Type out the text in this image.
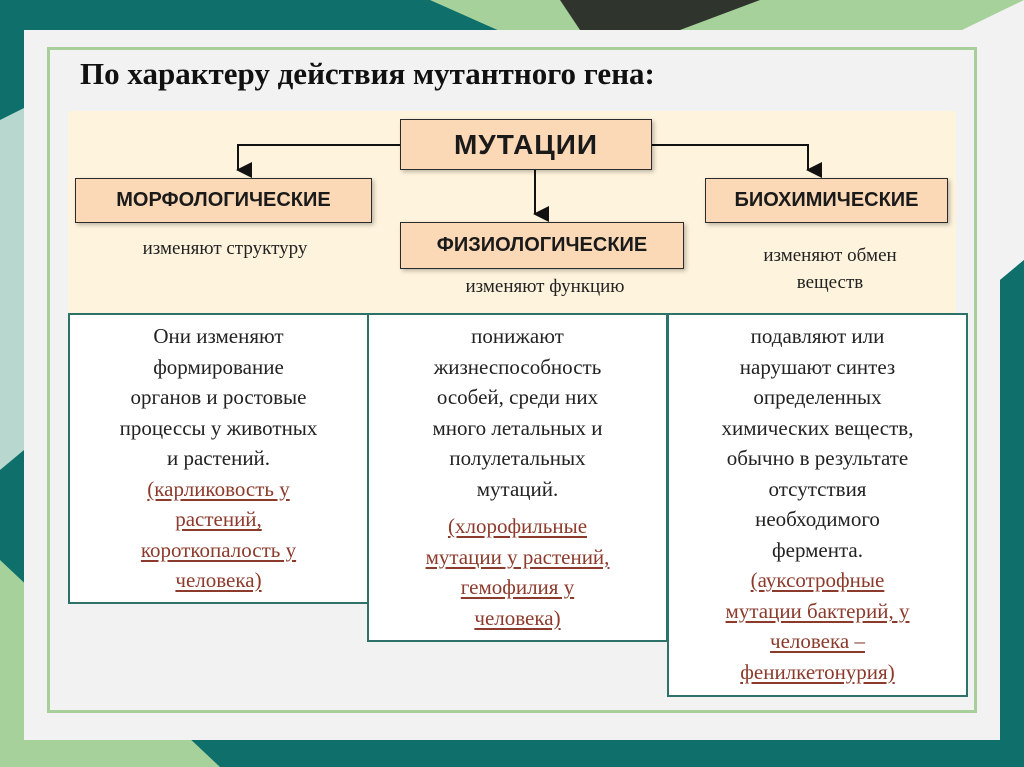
По характеру действия мутантного гена:
МУТАЦИИ
МОРФОЛОГИЧЕСКИЕ
ФИЗИОЛОГИЧЕСКИЕ
БИОХИМИЧЕСКИЕ
изменяют структуру
изменяют функцию
изменяют обмен
веществ
Они изменяют
формирование
органов и ростовые
процессы у животных
и растений.
(карликовость у
растений,
короткопалость у
человека)
понижают
жизнеспособность
особей, среди них
много летальных и
полулетальных
мутаций.
(хлорофильные
мутации у растений,
гемофилия у
человека)
подавляют или
нарушают синтез
определенных
химических веществ,
обычно в результате
отсутствия
необходимого
фермента.
(ауксотрофные
мутации бактерий, у
человека –
фенилкетонурия)
